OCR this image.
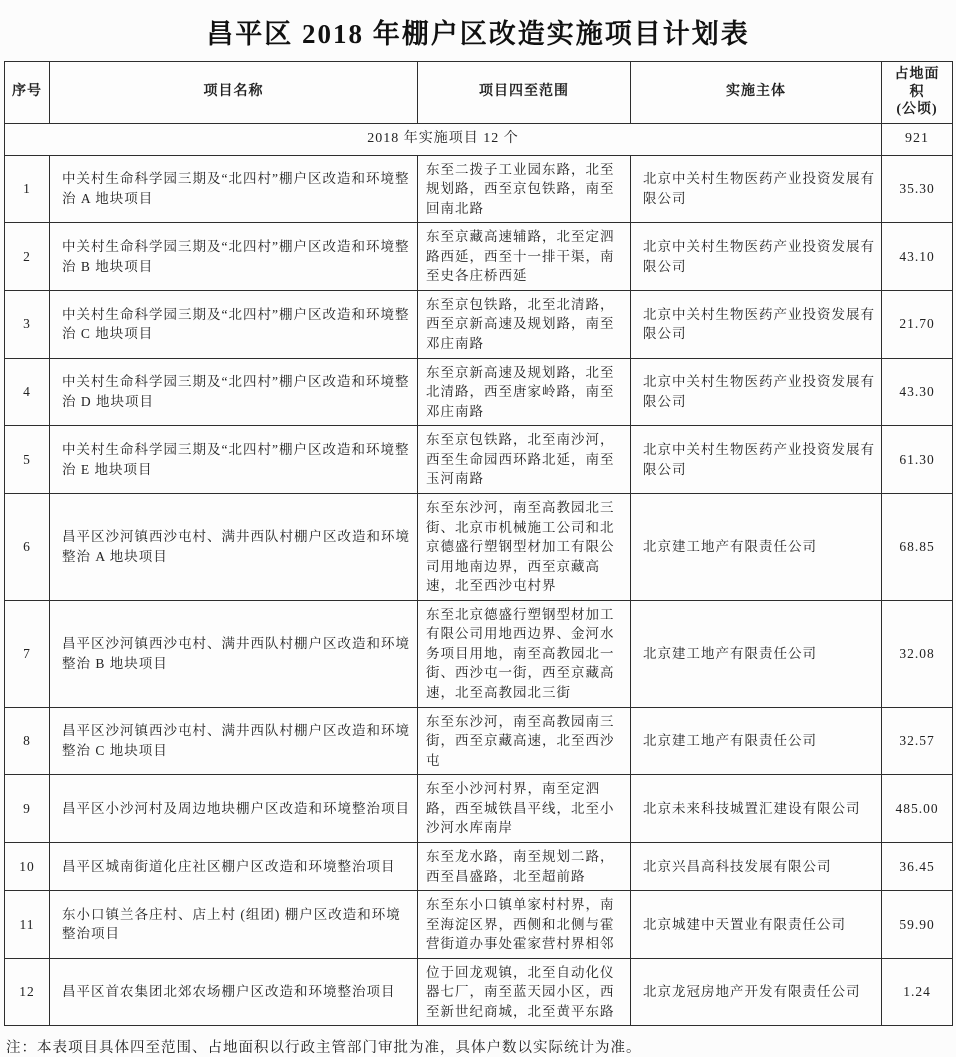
昌平区 2018 年棚户区改造实施项目计划表
序号	项目名称	项目四至范围	实施主体	占地面积
(公顷)

2018 年实施项目 12 个				921
1	中关村生命科学园三期及“北四村”棚户区改造和环境整治 A 地块项目	东至二拨子工业园东路，北至规划路，西至京包铁路，南至回南北路	北京中关村生物医药产业投资发展有限公司	35.30
2	中关村生命科学园三期及“北四村”棚户区改造和环境整治 B 地块项目	东至京藏高速辅路，北至定泗路西延，西至十一排干渠，南至史各庄桥西延	北京中关村生物医药产业投资发展有限公司	43.10
3	中关村生命科学园三期及“北四村”棚户区改造和环境整治 C 地块项目	东至京包铁路，北至北清路，西至京新高速及规划路，南至邓庄南路	北京中关村生物医药产业投资发展有限公司	21.70
4	中关村生命科学园三期及“北四村”棚户区改造和环境整治 D 地块项目	东至京新高速及规划路，北至北清路，西至唐家岭路，南至邓庄南路	北京中关村生物医药产业投资发展有限公司	43.30
5	中关村生命科学园三期及“北四村”棚户区改造和环境整治 E 地块项目	东至京包铁路，北至南沙河，西至生命园西环路北延，南至玉河南路	北京中关村生物医药产业投资发展有限公司	61.30
6	昌平区沙河镇西沙屯村、满井西队村棚户区改造和环境整治 A 地块项目	东至东沙河，南至高教园北三街、北京市机械施工公司和北京德盛行塑钢型材加工有限公司用地南边界，西至京藏高速，北至西沙屯村界	北京建工地产有限责任公司	68.85
7	昌平区沙河镇西沙屯村、满井西队村棚户区改造和环境整治 B 地块项目	东至北京德盛行塑钢型材加工有限公司用地西边界、金河水务项目用地，南至高教园北一街、西沙屯一街，西至京藏高速，北至高教园北三街	北京建工地产有限责任公司	32.08
8	昌平区沙河镇西沙屯村、满井西队村棚户区改造和环境整治 C 地块项目	东至东沙河，南至高教园南三街，西至京藏高速，北至西沙屯	北京建工地产有限责任公司	32.57
9	昌平区小沙河村及周边地块棚户区改造和环境整治项目	东至小沙河村界，南至定泗路，西至城铁昌平线，北至小沙河水库南岸	北京未来科技城置汇建设有限公司	485.00
10	昌平区城南街道化庄社区棚户区改造和环境整治项目	东至龙水路，南至规划二路，西至昌盛路，北至超前路	北京兴昌高科技发展有限公司	36.45
11	东小口镇兰各庄村、店上村 (组团) 棚户区改造和环境整治项目	东至东小口镇单家村村界，南至海淀区界，西侧和北侧与霍营街道办事处霍家营村界相邻	北京城建中天置业有限责任公司	59.90
12	昌平区首农集团北郊农场棚户区改造和环境整治项目	位于回龙观镇，北至自动化仪器七厂，南至蓝天园小区，西至新世纪商城，北至黄平东路	北京龙冠房地产开发有限责任公司	1.24
注：本表项目具体四至范围、占地面积以行政主管部门审批为准，具体户数以实际统计为准。
